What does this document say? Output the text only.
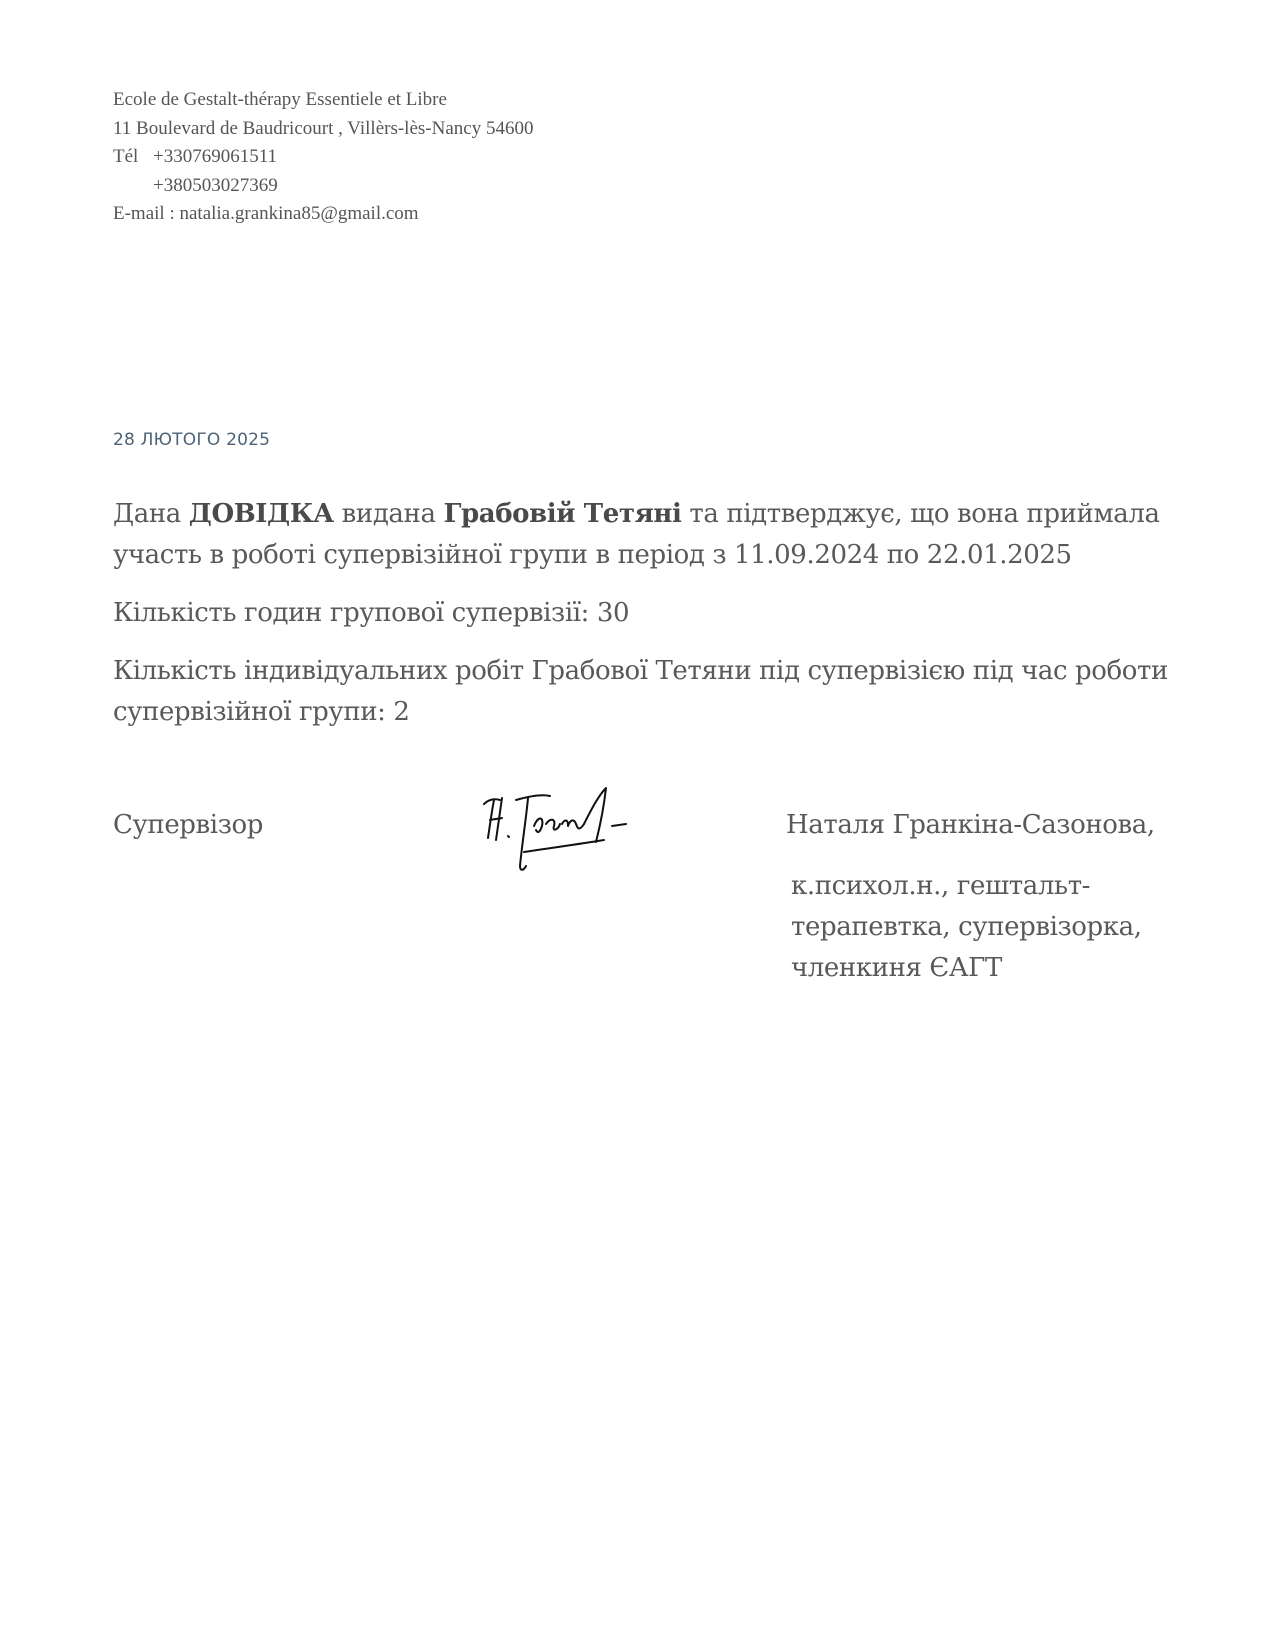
Ecole de Gestalt-thérapy Essentiele et Libre
11 Boulevard de Baudricourt , Villèrs-lès-Nancy 54600
Tél +330769061511
+380503027369
E-mail : natalia.grankina85@gmail.com
28 ЛЮТОГО 2025

Дана ДОВІДКА видана Грабовій Тетяні та підтверджує, що вона приймала участь в роботі супервізійної групи в період з 11.09.2024 по 22.01.2025

Кількість годин групової супервізії: 30

Кількість індивідуальних робіт Грабової Тетяни під супервізією під час роботи супервізійної групи: 2

Супервізор	Наталя Гранкіна-Сазонова,
к.психол.н., гештальт-
терапевтка, супервізорка,
членкиня ЄАГТ
